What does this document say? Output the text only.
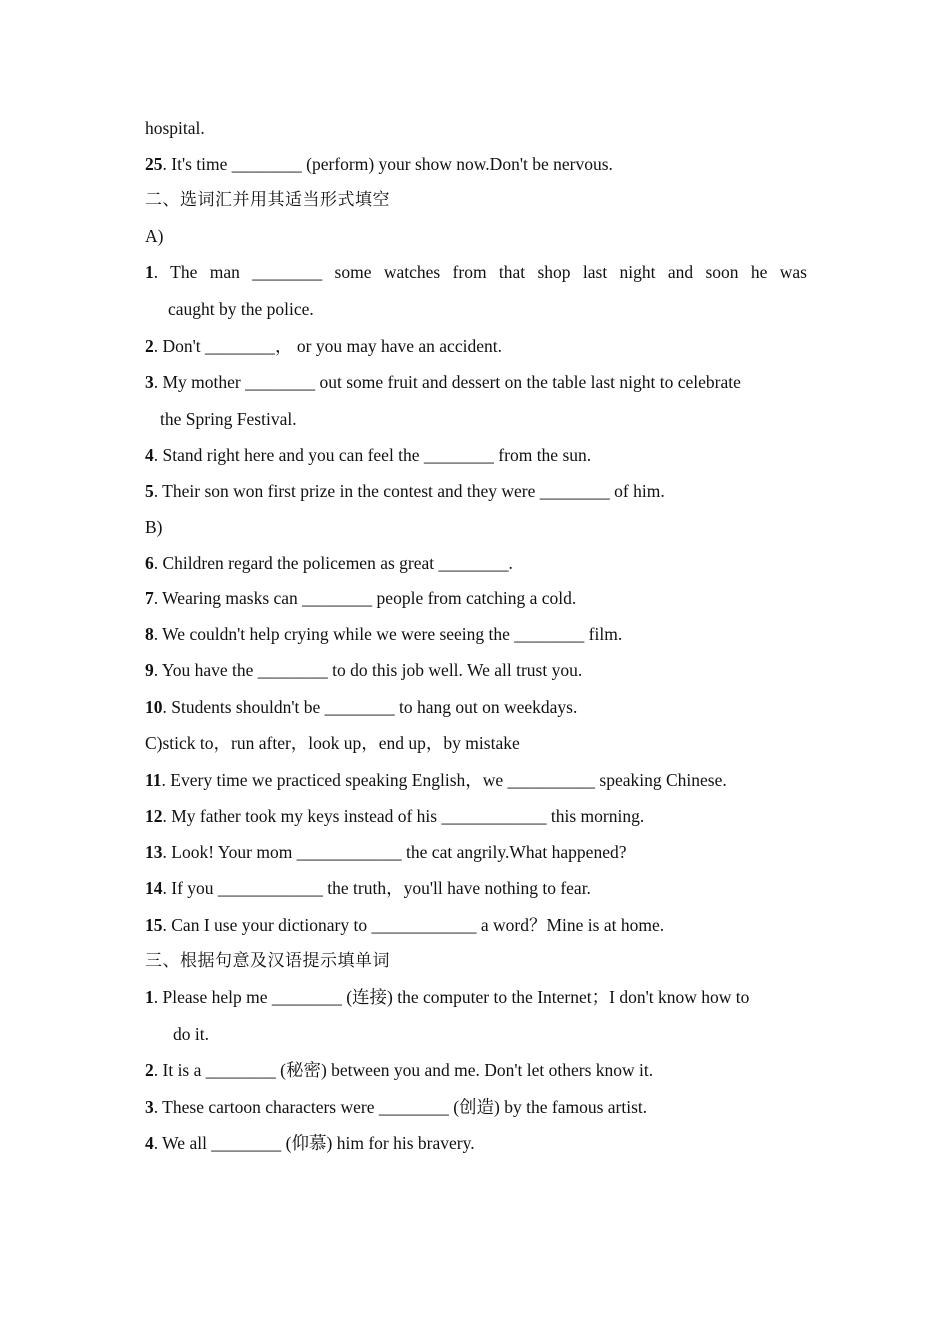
hospital.
25. It's time ________ (perform) your show now.Don't be nervous.
二、选词汇并用其适当形式填空
A)
1. The man ________ some watches from that shop last night and soon he was
caught by the police.
2. Don't ________， or you may have an accident.
3. My mother ________ out some fruit and dessert on the table last night to celebrate
the Spring Festival.
4. Stand right here and you can feel the ________ from the sun.
5. Their son won first prize in the contest and they were ________ of him.
B)
6. Children regard the policemen as great ________.
7. Wearing masks can ________ people from catching a cold.
8. We couldn't help crying while we were seeing the ________ film.
9. You have the ________ to do this job well. We all trust you.
10. Students shouldn't be ________ to hang out on weekdays.
C)stick to，run after，look up，end up，by mistake
11. Every time we practiced speaking English，we __________ speaking Chinese.
12. My father took my keys instead of his ____________ this morning.
13. Look! Your mom ____________ the cat angrily.What happened?
14. If you ____________ the truth，you'll have nothing to fear.
15. Can I use your dictionary to ____________ a word？Mine is at home.
三、根据句意及汉语提示填单词
1. Please help me ________ (连接) the computer to the Internet；I don't know how to
do it.
2. It is a ________ (秘密) between you and me. Don't let others know it.
3. These cartoon characters were ________ (创造) by the famous artist.
4. We all ________ (仰慕) him for his bravery.
